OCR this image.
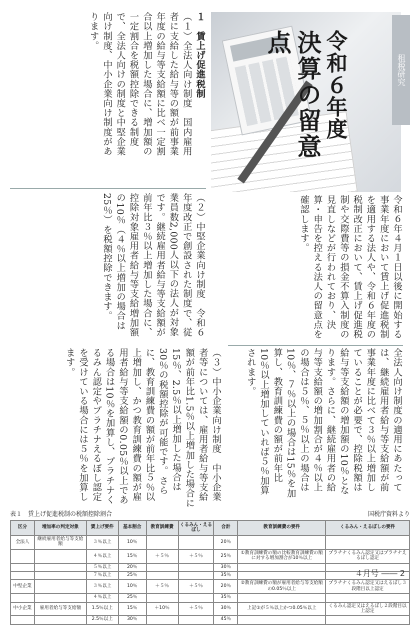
令和６年度
決算の留意点
租税研究
令和６年４月１日以後に開始する事業年度において賃上げ促進税制を適用する法人や、令和６年度の税制改正において、賃上げ促進税制や交際費等の損金不算入制度の見直しなどが行われており、決算・申告を控える法人の留意点を確認します。
１　賃上げ促進税制
（１）全法人向け制度　国内雇用者に支給した給与等の額が前事業年度の給与等支給額に比べ一定割合以上増加した場合に、増加額の一定割合を税額控除できる制度で、全法人向けの制度と中堅企業向け制度、中小企業向け制度があります。
全法人向け制度の適用にあたっては、継続雇用者給与等支給額が前事業年度に比べて３％以上増加していることが必要で、控除税額は給与等支給額の増加額の10％となります。さらに、継続雇用者の給与等支給額の増加割合が４％以上の場合は５％、５％以上の場合は10％、７％以上の場合は15％を加算し、教育訓練費の額が前年比10％以上増加していれば５％加算されます。
（２）中堅企業向け制度　令和６年度改正で創設された制度で、従業員数2,000人以下の法人が対象です。継続雇用者給与等支給額が前年比３％以上増加した場合に、控除対象雇用者給与等支給増加額の10％（４％以上増加の場合は25％）を税額控除できます。
（３）中小企業向け制度　中小企業者等については、雇用者給与等支給額が前年比1.5％以上増加した場合に15％、2.5％以上増加した場合は30％の税額控除が可能です。さらに、教育訓練費の額が前年比５％以上増加し、かつ教育訓練費の額が雇用者給与等支給額の0.05％以上である場合は10％を加算し、プラチナくるみん認定やプラチナえるぼし認定を受けている場合には５％を加算します。
表１　賃上げ促進税制の税額控除割合	国税庁資料より
区分	増加率の判定対象	賃上げ要件	基本割合	教育訓練費	くるみん・えるぼし	合計	教育訓練費の要件	くるみん・えるぼしの要件
全法人	継続雇用者給与等支給額	３％以上	10％			20％		
		４％以上	15％	＋５％	＋５％	25％	①教育訓練費の額の比較教育訓練費の額に対する増加割合が10％以上	プラチナくるみん認定又はプラチナえるぼし認定
		５％以上	20％			30％		
		７％以上	25％			35％		
中堅企業		３％以上	10％	＋５％	＋５％	20％	②教育訓練費の額が雇用者給与等支給額の0.05％以上	プラチナくるみん認定又はえるぼし３段階目以上認定
		４％以上	25％			35％		
中小企業	雇用者給与等支給額	1.5％以上	15％	＋10％	＋５％	30％	上記①が５％以上かつ0.05％以上	くるみん認定又はえるぼし２段階目以上認定
		2.5％以上	30％			45％		
４月号 ―― 2
